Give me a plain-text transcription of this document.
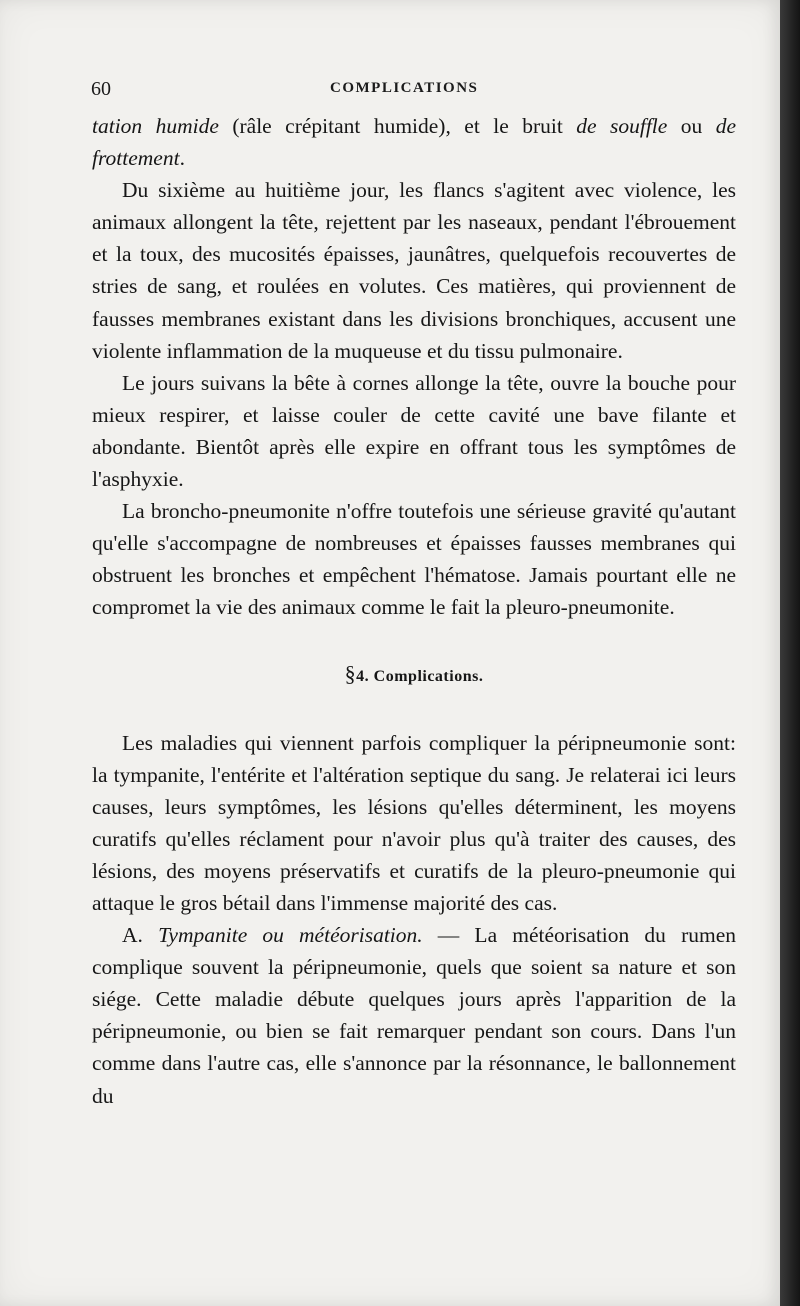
60	COMPLICATIONS

tation humide (râle crépitant humide), et le bruit de souffle ou de frottement.

Du sixième au huitième jour, les flancs s'agitent avec violence, les animaux allongent la tête, rejettent par les naseaux, pendant l'ébrouement et la toux, des mucosités épaisses, jaunâtres, quelquefois recouvertes de stries de sang, et roulées en volutes. Ces matières, qui proviennent de fausses membranes existant dans les divisions bronchiques, accusent une violente inflammation de la muqueuse et du tissu pulmonaire.

Le jours suivans la bête à cornes allonge la tête, ouvre la bouche pour mieux respirer, et laisse couler de cette cavité une bave filante et abondante. Bientôt après elle expire en offrant tous les symptômes de l'asphyxie.

La broncho-pneumonite n'offre toutefois une sérieuse gravité qu'autant qu'elle s'accompagne de nombreuses et épaisses fausses membranes qui obstruent les bronches et empêchent l'hématose. Jamais pourtant elle ne compromet la vie des animaux comme le fait la pleuro-pneumonite.

§4. Complications.

Les maladies qui viennent parfois compliquer la péripneumonie sont: la tympanite, l'entérite et l'altération septique du sang. Je relaterai ici leurs causes, leurs symptômes, les lésions qu'elles déterminent, les moyens curatifs qu'elles réclament pour n'avoir plus qu'à traiter des causes, des lésions, des moyens préservatifs et curatifs de la pleuro-pneumonie qui attaque le gros bétail dans l'immense majorité des cas.

A. Tympanite ou météorisation. — La météorisation du rumen complique souvent la péripneumonie, quels que soient sa nature et son siége. Cette maladie débute quelques jours après l'apparition de la péripneumonie, ou bien se fait remarquer pendant son cours. Dans l'un comme dans l'autre cas, elle s'annonce par la résonnance, le ballonnement du
